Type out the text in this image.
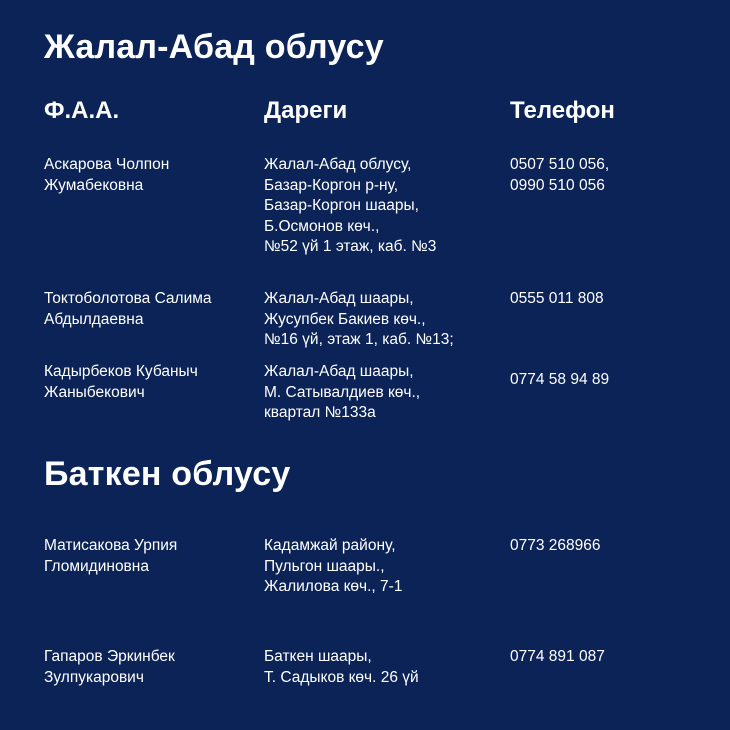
Жалал-Абад облусу
Ф.А.А.	Дареги	Телефон
Аскарова Чолпон
Жумабековна
Жалал-Абад облусу,
Базар-Коргон р-ну,
Базар-Коргон шаары,
Б.Осмонов көч.,
№52 үй 1 этаж, каб. №3
0507 510 056,
0990 510 056
Токтоболотова Салима
Абдылдаевна
Жалал-Абад шаары,
Жусупбек Бакиев көч.,
№16 үй, этаж 1, каб. №13;
0555 011 808
Кадырбеков Кубаныч
Жаныбекович
Жалал-Абад шаары,
М. Сатывалдиев көч.,
квартал №133а
0774 58 94 89
Баткен облусу
Матисакова Урпия
Гломидиновна
Кадамжай району,
Пульгон шаары.,
Жалилова көч., 7-1
0773 268966
Гапаров Эркинбек
Зулпукарович
Баткен шаары,
Т. Садыков көч. 26 үй
0774 891 087
